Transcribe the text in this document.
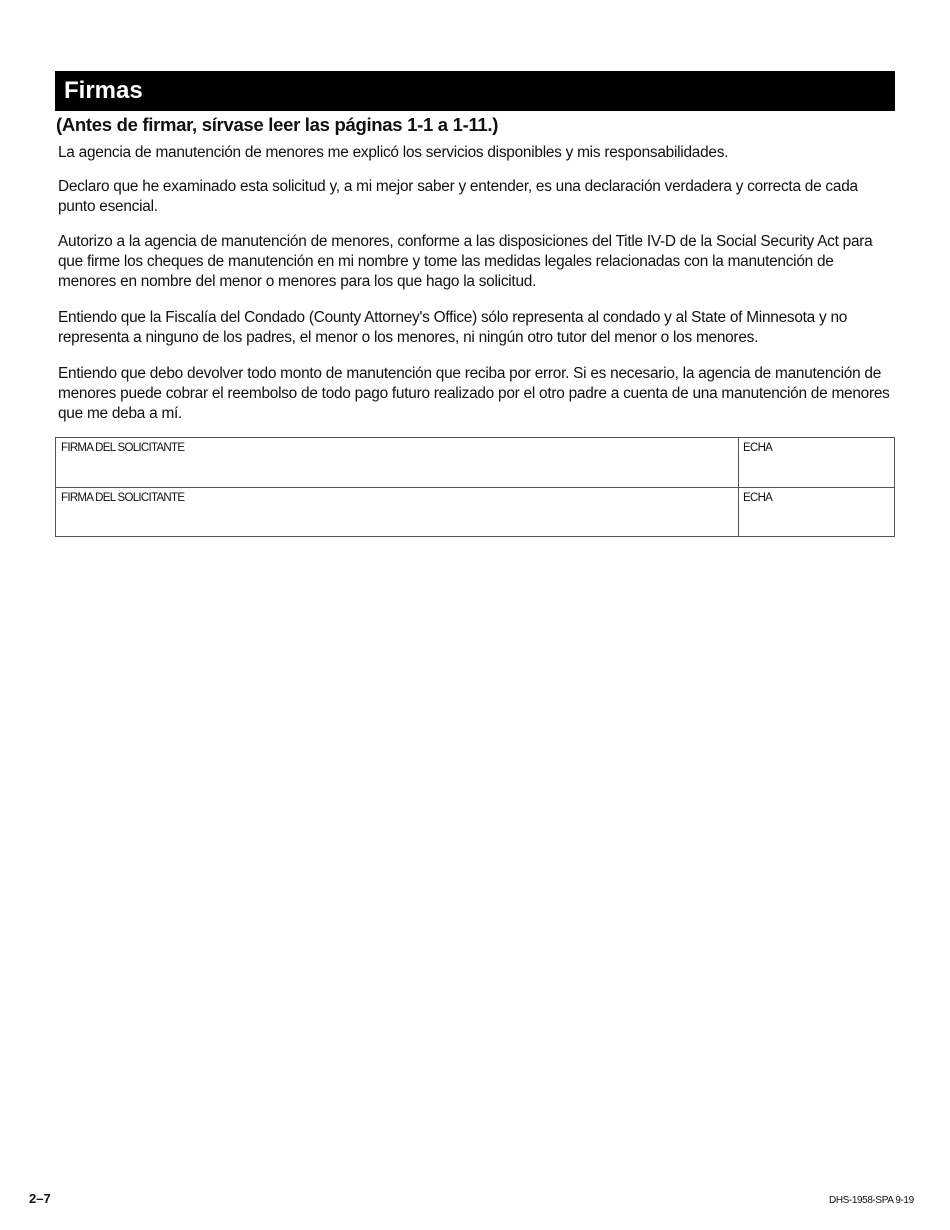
Firmas
(Antes de firmar, sírvase leer las páginas 1-1 a 1-11.)

La agencia de manutención de menores me explicó los servicios disponibles y mis responsabilidades.

Declaro que he examinado esta solicitud y, a mi mejor saber y entender, es una declaración verdadera y correcta de cada punto esencial.

Autorizo a la agencia de manutención de menores, conforme a las disposiciones del Title IV-D de la Social Security Act para que firme los cheques de manutención en mi nombre y tome las medidas legales relacionadas con la manutención de menores en nombre del menor o menores para los que hago la solicitud.

Entiendo que la Fiscalía del Condado (County Attorney's Office) sólo representa al condado y al State of Minnesota y no representa a ninguno de los padres, el menor o los menores, ni ningún otro tutor del menor o los menores.

Entiendo que debo devolver todo monto de manutención que reciba por error. Si es necesario, la agencia de manutención de menores puede cobrar el reembolso de todo pago futuro realizado por el otro padre a cuenta de una manutención de menores que me deba a mí.

FIRMA DEL SOLICITANTE	ECHA
FIRMA DEL SOLICITANTE	ECHA
2–7	DHS-1958-SPA 9-19
